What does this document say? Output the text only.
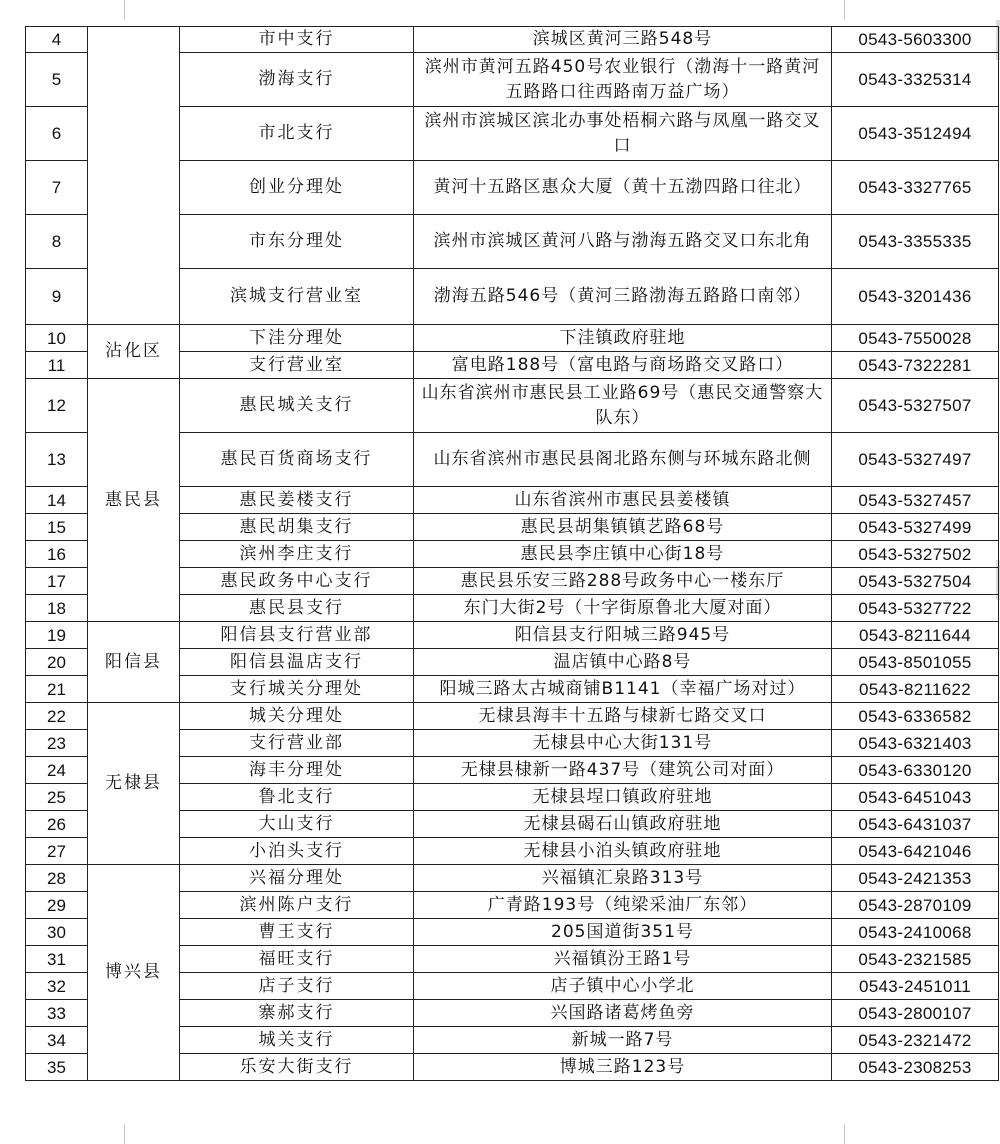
4		市中支行	滨城区黄河三路548号	0543-5603300
5		渤海支行	滨州市黄河五路450号农业银行（渤海十一路黄河五路路口往西路南万益广场）	0543-3325314
6		市北支行	滨州市滨城区滨北办事处梧桐六路与凤凰一路交叉口	0543-3512494
7		创业分理处	黄河十五路区惠众大厦（黄十五渤四路口往北）	0543-3327765
8		市东分理处	滨州市滨城区黄河八路与渤海五路交叉口东北角	0543-3355335
9		滨城支行营业室	渤海五路546号（黄河三路渤海五路路口南邻）	0543-3201436
10	沾化区	下洼分理处	下洼镇政府驻地	0543-7550028
11		支行营业室	富电路188号（富电路与商场路交叉路口）	0543-7322281
12	惠民县	惠民城关支行	山东省滨州市惠民县工业路69号（惠民交通警察大队东）	0543-5327507
13		惠民百货商场支行	山东省滨州市惠民县阁北路东侧与环城东路北侧	0543-5327497
14		惠民姜楼支行	山东省滨州市惠民县姜楼镇	0543-5327457
15		惠民胡集支行	惠民县胡集镇镇艺路68号	0543-5327499
16		滨州李庄支行	惠民县李庄镇中心街18号	0543-5327502
17		惠民政务中心支行	惠民县乐安三路288号政务中心一楼东厅	0543-5327504
18		惠民县支行	东门大街2号（十字街原鲁北大厦对面）	0543-5327722
19	阳信县	阳信县支行营业部	阳信县支行阳城三路945号	0543-8211644
20		阳信县温店支行	温店镇中心路8号	0543-8501055
21		支行城关分理处	阳城三路太古城商铺B1141（幸福广场对过）	0543-8211622
22	无棣县	城关分理处	无棣县海丰十五路与棣新七路交叉口	0543-6336582
23		支行营业部	无棣县中心大街131号	0543-6321403
24		海丰分理处	无棣县棣新一路437号（建筑公司对面）	0543-6330120
25		鲁北支行	无棣县埕口镇政府驻地	0543-6451043
26		大山支行	无棣县碣石山镇政府驻地	0543-6431037
27		小泊头支行	无棣县小泊头镇政府驻地	0543-6421046
28	博兴县	兴福分理处	兴福镇汇泉路313号	0543-2421353
29		滨州陈户支行	广青路193号（纯梁采油厂东邻）	0543-2870109
30		曹王支行	205国道街351号	0543-2410068
31		福旺支行	兴福镇汾王路1号	0543-2321585
32		店子支行	店子镇中心小学北	0543-2451011
33		寨郝支行	兴国路诸葛烤鱼旁	0543-2800107
34		城关支行	新城一路7号	0543-2321472
35		乐安大街支行	博城三路123号	0543-2308253
